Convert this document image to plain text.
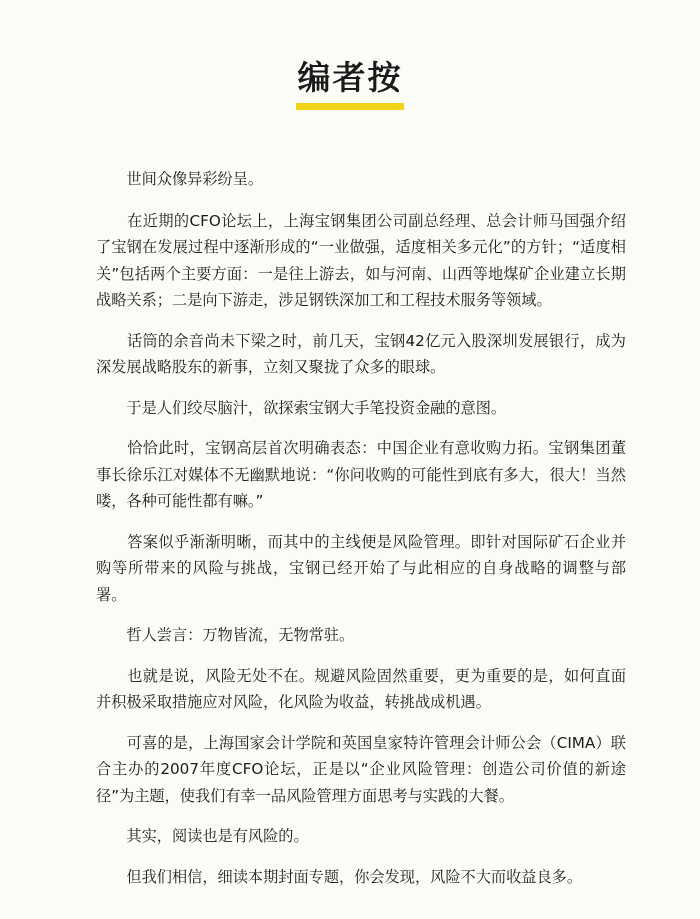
编者按

　　世间众像异彩纷呈。

　　在近期的CFO论坛上，上海宝钢集团公司副总经理、总会计师马国强介绍了宝钢在发展过程中逐渐形成的“一业做强，适度相关多元化”的方针；“适度相关”包括两个主要方面：一是往上游去，如与河南、山西等地煤矿企业建立长期战略关系；二是向下游走，涉足钢铁深加工和工程技术服务等领域。

　　话筒的余音尚未下梁之时，前几天，宝钢42亿元入股深圳发展银行，成为深发展战略股东的新事，立刻又聚拢了众多的眼球。

　　于是人们绞尽脑汁，欲探索宝钢大手笔投资金融的意图。

　　恰恰此时，宝钢高层首次明确表态：中国企业有意收购力拓。宝钢集团董事长徐乐江对媒体不无幽默地说：“你问收购的可能性到底有多大，很大！当然喽，各种可能性都有嘛。”

　　答案似乎渐渐明晰，而其中的主线便是风险管理。即针对国际矿石企业并购等所带来的风险与挑战，宝钢已经开始了与此相应的自身战略的调整与部署。

　　哲人尝言：万物皆流，无物常驻。

　　也就是说，风险无处不在。规避风险固然重要，更为重要的是，如何直面并积极采取措施应对风险，化风险为收益，转挑战成机遇。

　　可喜的是，上海国家会计学院和英国皇家特许管理会计师公会（CIMA）联合主办的2007年度CFO论坛，正是以“企业风险管理：创造公司价值的新途径”为主题，使我们有幸一品风险管理方面思考与实践的大餐。

　　其实，阅读也是有风险的。

　　但我们相信，细读本期封面专题，你会发现，风险不大而收益良多。
